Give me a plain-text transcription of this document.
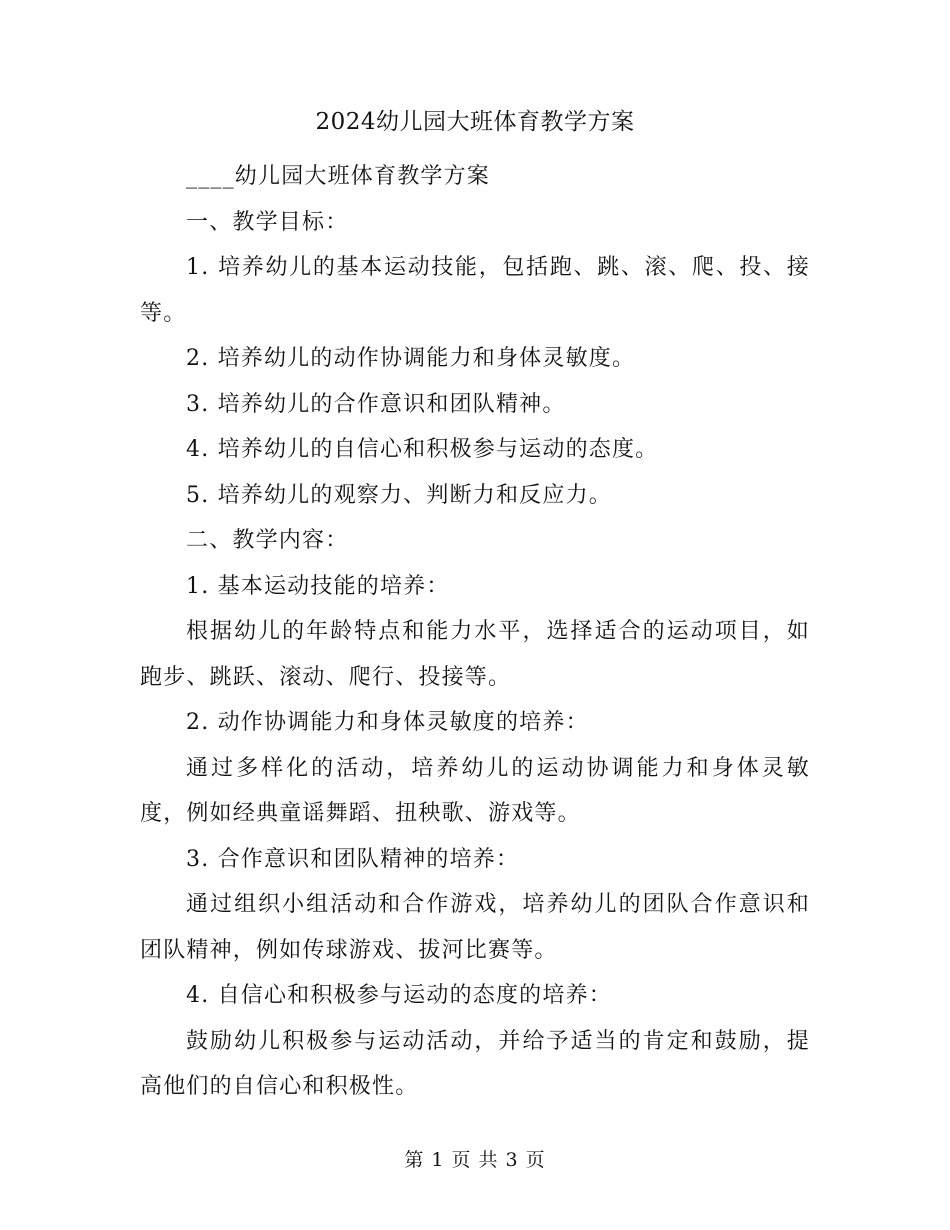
2024幼儿园大班体育教学方案

____幼儿园大班体育教学方案

一、教学目标：

1. 培养幼儿的基本运动技能，包括跑、跳、滚、爬、投、接等。

2. 培养幼儿的动作协调能力和身体灵敏度。

3. 培养幼儿的合作意识和团队精神。

4. 培养幼儿的自信心和积极参与运动的态度。

5. 培养幼儿的观察力、判断力和反应力。

二、教学内容：

1. 基本运动技能的培养：

根据幼儿的年龄特点和能力水平，选择适合的运动项目，如跑步、跳跃、滚动、爬行、投接等。

2. 动作协调能力和身体灵敏度的培养：

通过多样化的活动，培养幼儿的运动协调能力和身体灵敏度，例如经典童谣舞蹈、扭秧歌、游戏等。

3. 合作意识和团队精神的培养：

通过组织小组活动和合作游戏，培养幼儿的团队合作意识和团队精神，例如传球游戏、拔河比赛等。

4. 自信心和积极参与运动的态度的培养：

鼓励幼儿积极参与运动活动，并给予适当的肯定和鼓励，提高他们的自信心和积极性。

第 1 页 共 3 页
